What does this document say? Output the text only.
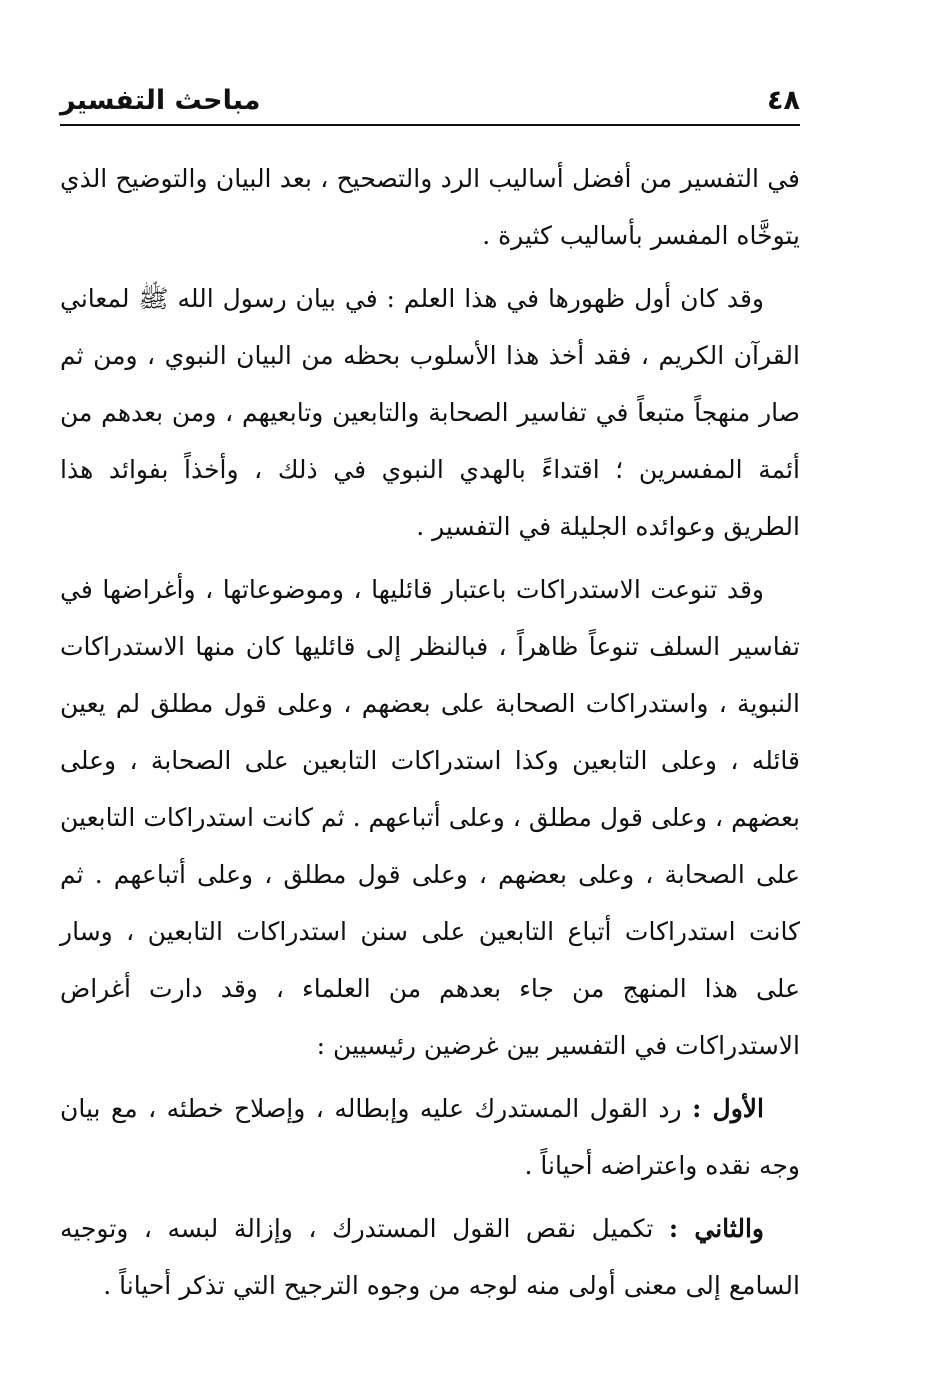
٤٨
مباحث التفسير

في التفسير من أفضل أساليب الرد والتصحيح ، بعد البيان والتوضيح الذي يتوخَّاه المفسر بأساليب كثيرة .

وقد كان أول ظهورها في هذا العلم : في بيان رسول الله ﷺ لمعاني القرآن الكريم ، فقد أخذ هذا الأسلوب بحظه من البيان النبوي ، ومن ثم صار منهجاً متبعاً في تفاسير الصحابة والتابعين وتابعيهم ، ومن بعدهم من أئمة المفسرين ؛ اقتداءً بالهدي النبوي في ذلك ، وأخذاً بفوائد هذا الطريق وعوائده الجليلة في التفسير .

وقد تنوعت الاستدراكات باعتبار قائليها ، وموضوعاتها ، وأغراضها في تفاسير السلف تنوعاً ظاهراً ، فبالنظر إلى قائليها كان منها الاستدراكات النبوية ، واستدراكات الصحابة على بعضهم ، وعلى قول مطلق لم يعين قائله ، وعلى التابعين وكذا استدراكات التابعين على الصحابة ، وعلى بعضهم ، وعلى قول مطلق ، وعلى أتباعهم . ثم كانت استدراكات التابعين على الصحابة ، وعلى بعضهم ، وعلى قول مطلق ، وعلى أتباعهم . ثم كانت استدراكات أتباع التابعين على سنن استدراكات التابعين ، وسار على هذا المنهج من جاء بعدهم من العلماء ، وقد دارت أغراض الاستدراكات في التفسير بين غرضين رئيسيين :

الأول : رد القول المستدرك عليه وإبطاله ، وإصلاح خطئه ، مع بيان وجه نقده واعتراضه أحياناً .

والثاني : تكميل نقص القول المستدرك ، وإزالة لبسه ، وتوجيه السامع إلى معنى أولى منه لوجه من وجوه الترجيح التي تذكر أحياناً .
